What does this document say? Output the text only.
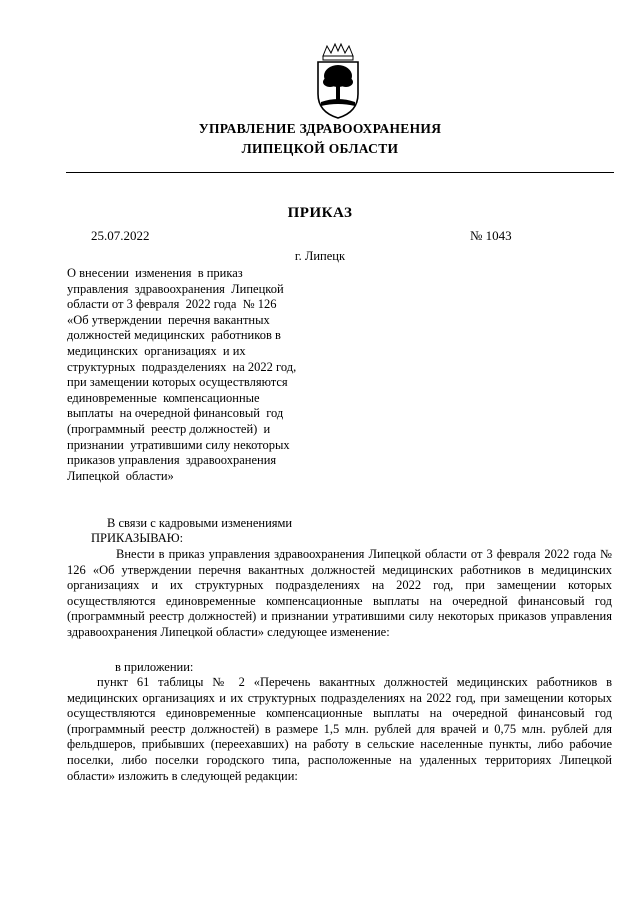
УПРАВЛЕНИЕ ЗДРАВООХРАНЕНИЯ
ЛИПЕЦКОЙ ОБЛАСТИ
ПРИКАЗ
25.07.2022	№ 1043
г. Липецк
О внесении  изменения  в приказ
управления  здравоохранения  Липецкой
области от 3 февраля  2022 года  № 126
«Об утверждении  перечня вакантных
должностей медицинских  работников в
медицинских  организациях  и их
структурных  подразделениях  на 2022 год,
при замещении которых осуществляются
единовременные  компенсационные
выплаты  на очередной финансовый  год
(программный  реестр должностей)  и
признании  утратившими силу некоторых
приказов управления  здравоохранения
Липецкой  области»
В связи с кадровыми изменениями
ПРИКАЗЫВАЮ:
Внести в приказ управления здравоохранения Липецкой области от 3 февраля 2022 года № 126 «Об утверждении перечня вакантных должностей медицинских работников в медицинских организациях и их структурных подразделениях на 2022 год, при замещении которых осуществляются единовременные компенсационные выплаты на очередной финансовый год (программный реестр должностей) и признании утратившими силу некоторых приказов управления здравоохранения Липецкой области» следующее изменение:
в приложении:
пункт 61 таблицы № 2 «Перечень вакантных должностей медицинских работников в медицинских организациях и их структурных подразделениях на 2022 год, при замещении которых осуществляются единовременные компенсационные выплаты на очередной финансовый год (программный реестр должностей) в размере 1,5 млн. рублей для врачей и 0,75 млн. рублей для фельдшеров, прибывших (переехавших) на работу в сельские населенные пункты, либо рабочие поселки, либо поселки городского типа, расположенные на удаленных территориях Липецкой области» изложить в следующей редакции:
